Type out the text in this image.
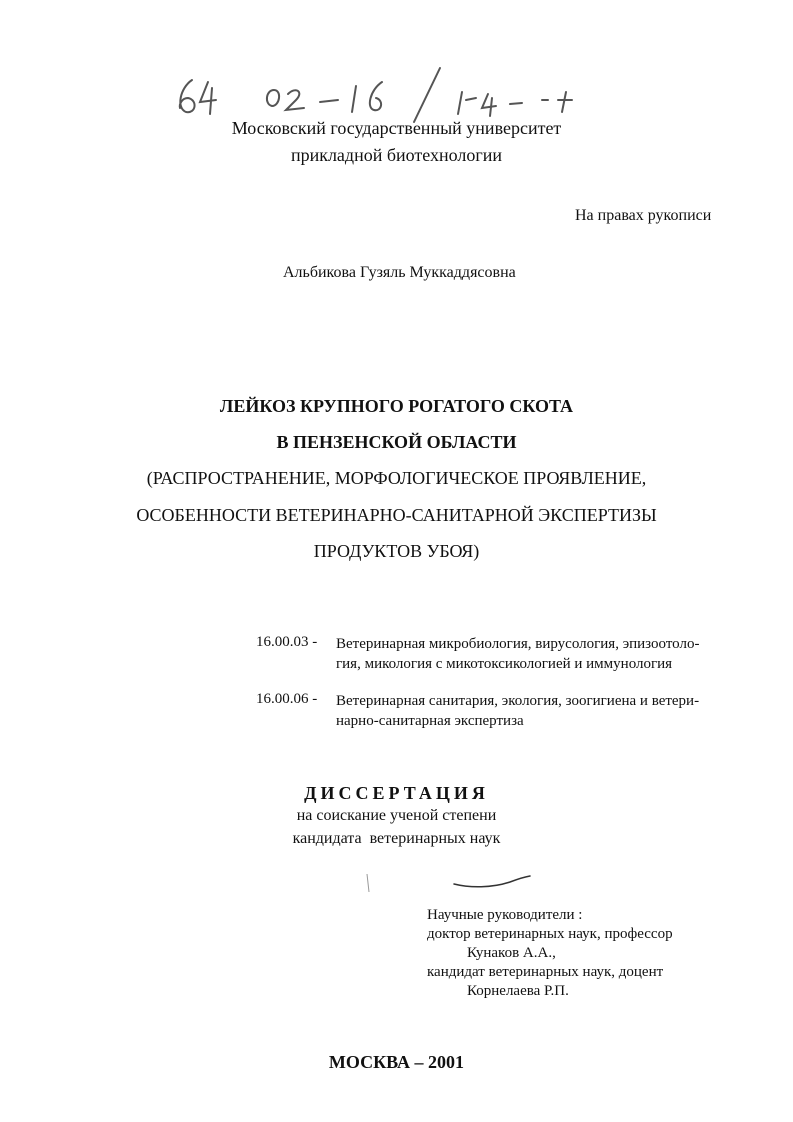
Московский государственный университет
прикладной биотехнологии
На правах рукописи
Альбикова Гузяль Муккаддясовна
ЛЕЙКОЗ КРУПНОГО РОГАТОГО СКОТА
В ПЕНЗЕНСКОЙ ОБЛАСТИ
(РАСПРОСТРАНЕНИЕ, МОРФОЛОГИЧЕСКОЕ ПРОЯВЛЕНИЕ,
ОСОБЕННОСТИ ВЕТЕРИНАРНО-САНИТАРНОЙ ЭКСПЕРТИЗЫ
ПРОДУКТОВ УБОЯ)
16.00.03 - Ветеринарная микробиология, вирусология, эпизоотоло-
гия, микология с микотоксикологией и иммунология
16.00.06 - Ветеринарная санитария, экология, зоогигиена и ветери-
нарно-санитарная экспертиза
ДИССЕРТАЦИЯ
на соискание ученой степени
кандидата  ветеринарных наук
Научные руководители :
доктор ветеринарных наук, профессор
Кунаков А.А.,
кандидат ветеринарных наук, доцент
Корнелаева Р.П.
МОСКВА – 2001
